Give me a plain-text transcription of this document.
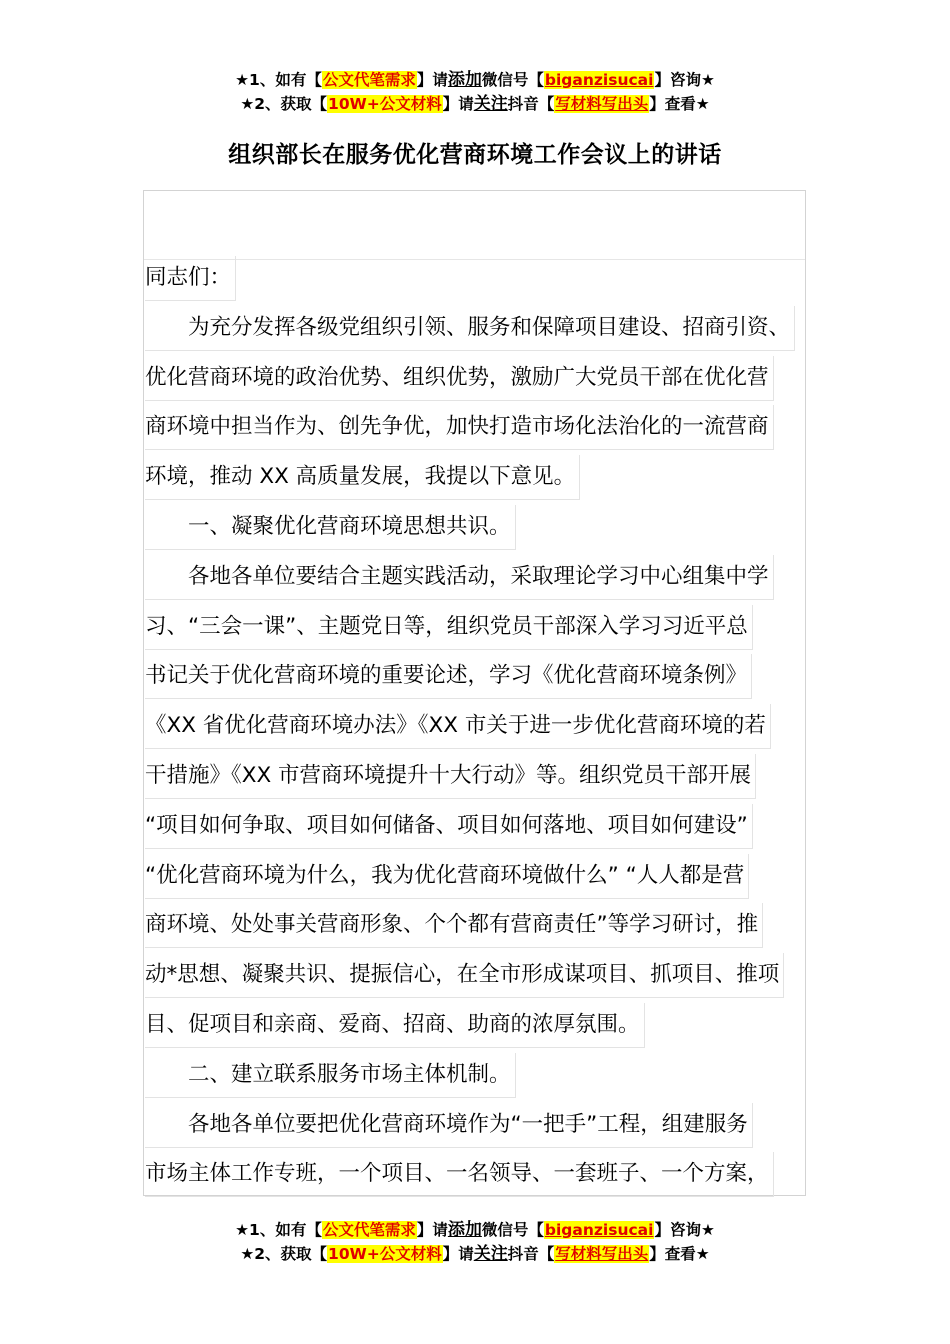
★1、如有【公文代笔需求】请添加微信号【biganzisucai】咨询★
★2、获取【10W+公文材料】请关注抖音【写材料写出头】查看★
组织部长在服务优化营商环境工作会议上的讲话
同志们：
为充分发挥各级党组织引领、服务和保障项目建设、招商引资、
优化营商环境的政治优势、组织优势，激励广大党员干部在优化营
商环境中担当作为、创先争优，加快打造市场化法治化的一流营商
环境，推动 XX 高质量发展，我提以下意见。
一、凝聚优化营商环境思想共识。
各地各单位要结合主题实践活动，采取理论学习中心组集中学
习、“三会一课”、主题党日等，组织党员干部深入学习习近平总
书记关于优化营商环境的重要论述，学习《优化营商环境条例》
《XX 省优化营商环境办法》《XX 市关于进一步优化营商环境的若
干措施》《XX 市营商环境提升十大行动》等。组织党员干部开展
“项目如何争取、项目如何储备、项目如何落地、项目如何建设”
“优化营商环境为什么，我为优化营商环境做什么” “人人都是营
商环境、处处事关营商形象、个个都有营商责任”等学习研讨，推
动*思想、凝聚共识、提振信心，在全市形成谋项目、抓项目、推项
目、促项目和亲商、爱商、招商、助商的浓厚氛围。
二、建立联系服务市场主体机制。
各地各单位要把优化营商环境作为“一把手”工程，组建服务
市场主体工作专班，一个项目、一名领导、一套班子、一个方案，
★1、如有【公文代笔需求】请添加微信号【biganzisucai】咨询★
★2、获取【10W+公文材料】请关注抖音【写材料写出头】查看★
